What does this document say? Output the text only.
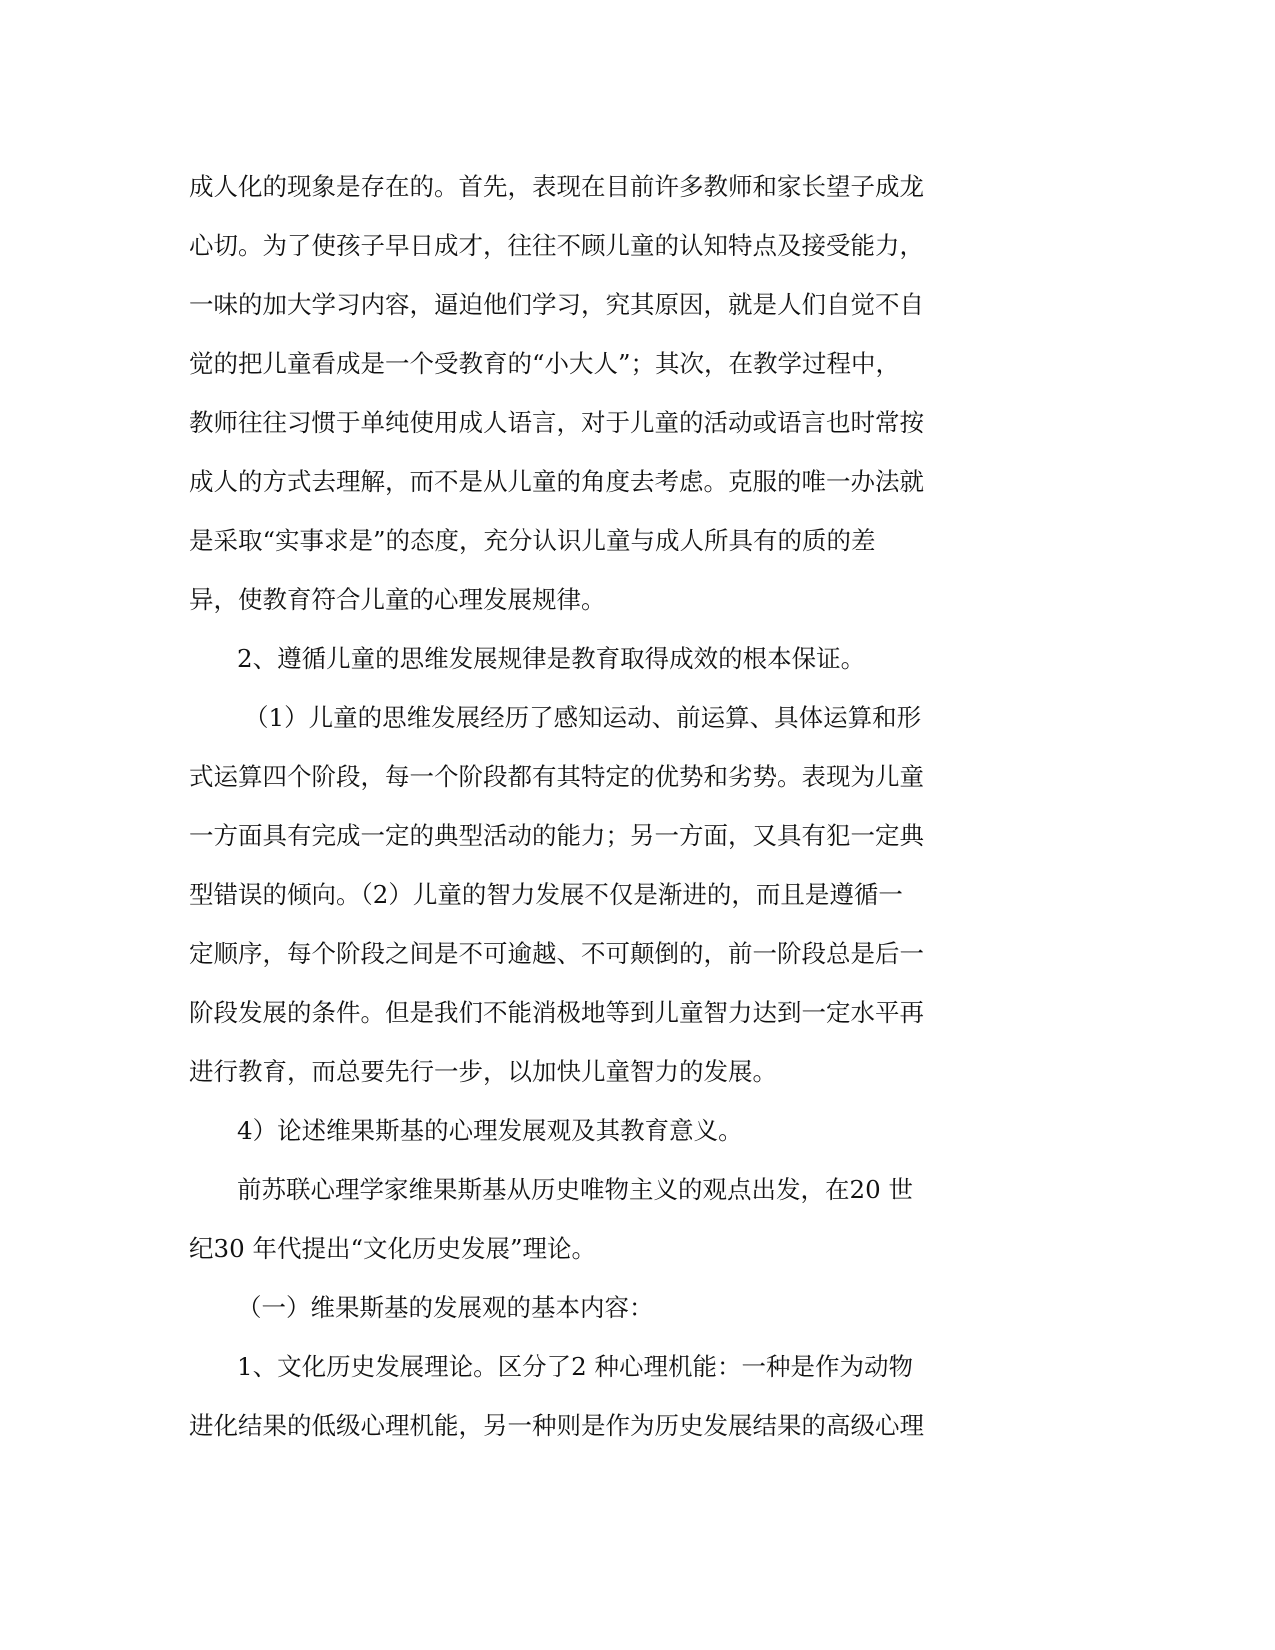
成人化的现象是存在的。首先，表现在目前许多教师和家长望子成龙
心切。为了使孩子早日成才，往往不顾儿童的认知特点及接受能力，
一味的加大学习内容，逼迫他们学习，究其原因，就是人们自觉不自
觉的把儿童看成是一个受教育的“小大人”；其次，在教学过程中，
教师往往习惯于单纯使用成人语言，对于儿童的活动或语言也时常按
成人的方式去理解，而不是从儿童的角度去考虑。克服的唯一办法就
是采取“实事求是”的态度，充分认识儿童与成人所具有的质的差
异，使教育符合儿童的心理发展规律。
2、遵循儿童的思维发展规律是教育取得成效的根本保证。
（1）儿童的思维发展经历了感知运动、前运算、具体运算和形
式运算四个阶段，每一个阶段都有其特定的优势和劣势。表现为儿童
一方面具有完成一定的典型活动的能力；另一方面，又具有犯一定典
型错误的倾向。（2）儿童的智力发展不仅是渐进的，而且是遵循一
定顺序，每个阶段之间是不可逾越、不可颠倒的，前一阶段总是后一
阶段发展的条件。但是我们不能消极地等到儿童智力达到一定水平再
进行教育，而总要先行一步，以加快儿童智力的发展。
4）论述维果斯基的心理发展观及其教育意义。
前苏联心理学家维果斯基从历史唯物主义的观点出发，在20 世
纪30 年代提出“文化历史发展”理论。
（一）维果斯基的发展观的基本内容：
1、文化历史发展理论。区分了2 种心理机能：一种是作为动物
进化结果的低级心理机能，另一种则是作为历史发展结果的高级心理
